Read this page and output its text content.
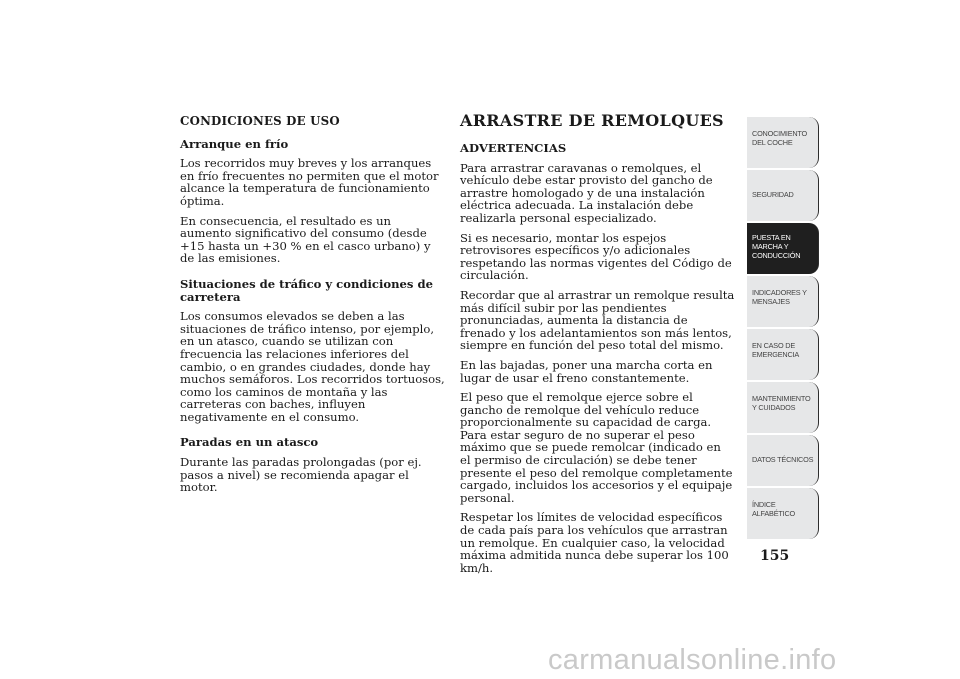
CONDICIONES DE USO

Arranque en frío

Los recorridos muy breves y los arranques en frío frecuentes no permiten que el motor alcance la temperatura de funcionamiento óptima.

En consecuencia, el resultado es un aumento significativo del consumo (desde +15 hasta un +30 % en el casco urbano) y de las emisiones.

Situaciones de tráfico y condiciones de carretera

Los consumos elevados se deben a las situaciones de tráfico intenso, por ejemplo, en un atasco, cuando se utilizan con frecuencia las relaciones inferiores del cambio, o en grandes ciudades, donde hay muchos semáforos. Los recorridos tortuosos, como los caminos de montaña y las carreteras con baches, influyen negativamente en el consumo.

Paradas en un atasco

Durante las paradas prolongadas (por ej. pasos a nivel) se recomienda apagar el motor.

ARRASTRE DE REMOLQUES

ADVERTENCIAS

Para arrastrar caravanas o remolques, el vehículo debe estar provisto del gancho de arrastre homologado y de una instalación eléctrica adecuada. La instalación debe realizarla personal especializado.

Si es necesario, montar los espejos retrovisores específicos y/o adicionales respetando las normas vigentes del Código de circulación.

Recordar que al arrastrar un remolque resulta más difícil subir por las pendientes pronunciadas, aumenta la distancia de frenado y los adelantamientos son más lentos, siempre en función del peso total del mismo.

En las bajadas, poner una marcha corta en lugar de usar el freno constantemente.

El peso que el remolque ejerce sobre el gancho de remolque del vehículo reduce proporcionalmente su capacidad de carga. Para estar seguro de no superar el peso máximo que se puede remolcar (indicado en el permiso de circulación) se debe tener presente el peso del remolque completamente cargado, incluidos los accesorios y el equipaje personal.

Respetar los límites de velocidad específicos de cada país para los vehículos que arrastran un remolque. En cualquier caso, la velocidad máxima admitida nunca debe superar los 100 km/h.

CONOCIMIENTO DEL COCHE
SEGURIDAD
PUESTA EN MARCHA Y CONDUCCIÓN
INDICADORES Y MENSAJES
EN CASO DE EMERGENCIA
MANTENIMIENTO Y CUIDADOS
DATOS TÉCNICOS
ÍNDICE ALFABÉTICO
155
carmanualsonline.info
